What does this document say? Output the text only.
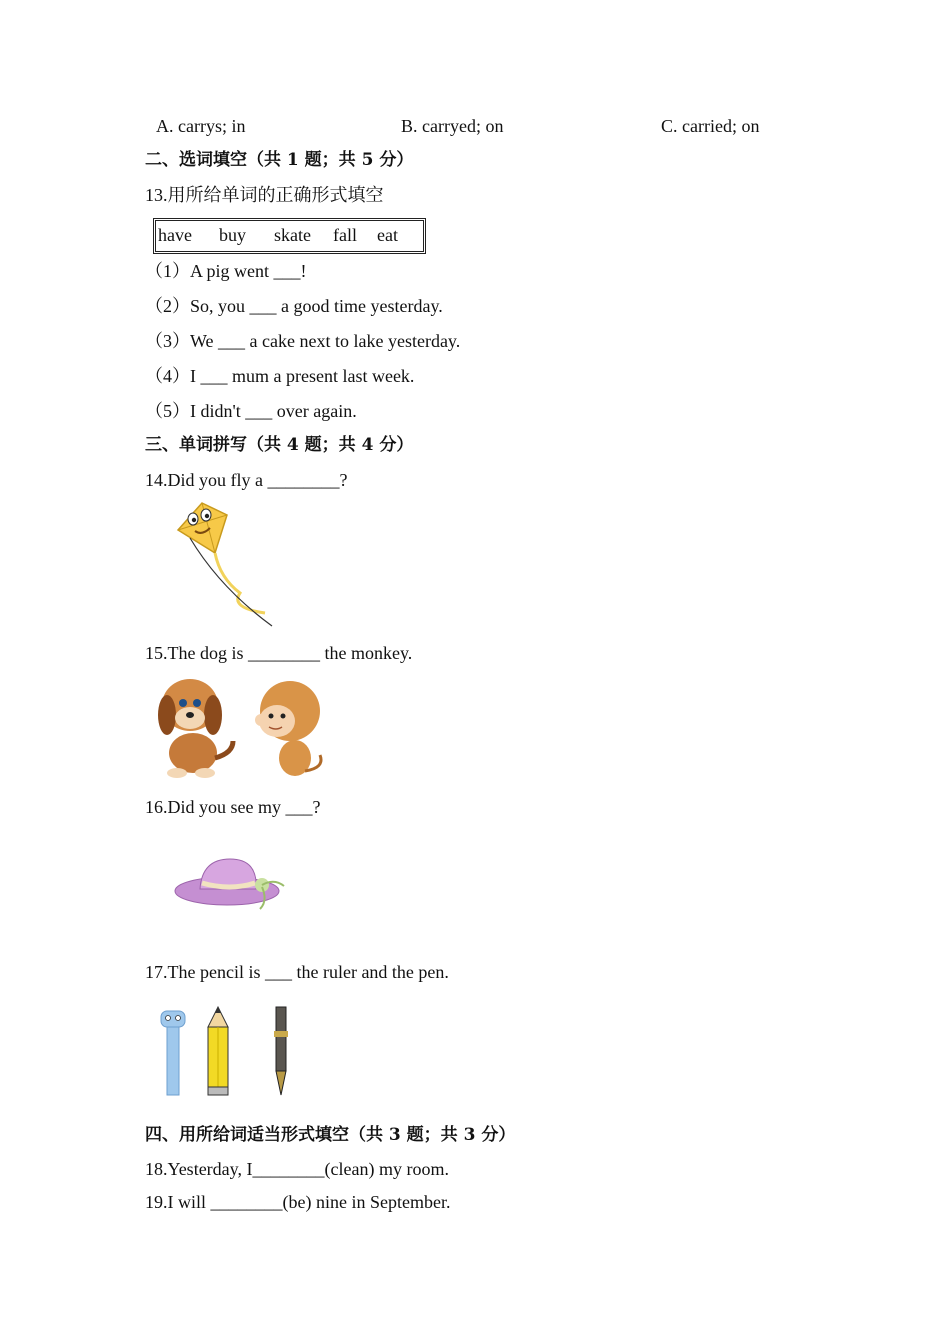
A. carrys; in	B. carryed; on	C. carried; on
二、选词填空（共 1 题；共 5 分）
13.用所给单词的正确形式填空
have buy skate fall eat
（1）A pig went ___!
（2）So, you ___ a good time yesterday.
（3）We ___ a cake next to lake yesterday.
（4）I ___ mum a present last week.
（5）I didn't ___ over again.
三、单词拼写（共 4 题；共 4 分）
14.Did you fly a ________?
15.The dog is ________ the monkey.
16.Did you see my ___?
17.The pencil is ___ the ruler and the pen.
四、用所给词适当形式填空（共 3 题；共 3 分）
18.Yesterday, I________(clean) my room.
19.I will ________(be) nine in September.
